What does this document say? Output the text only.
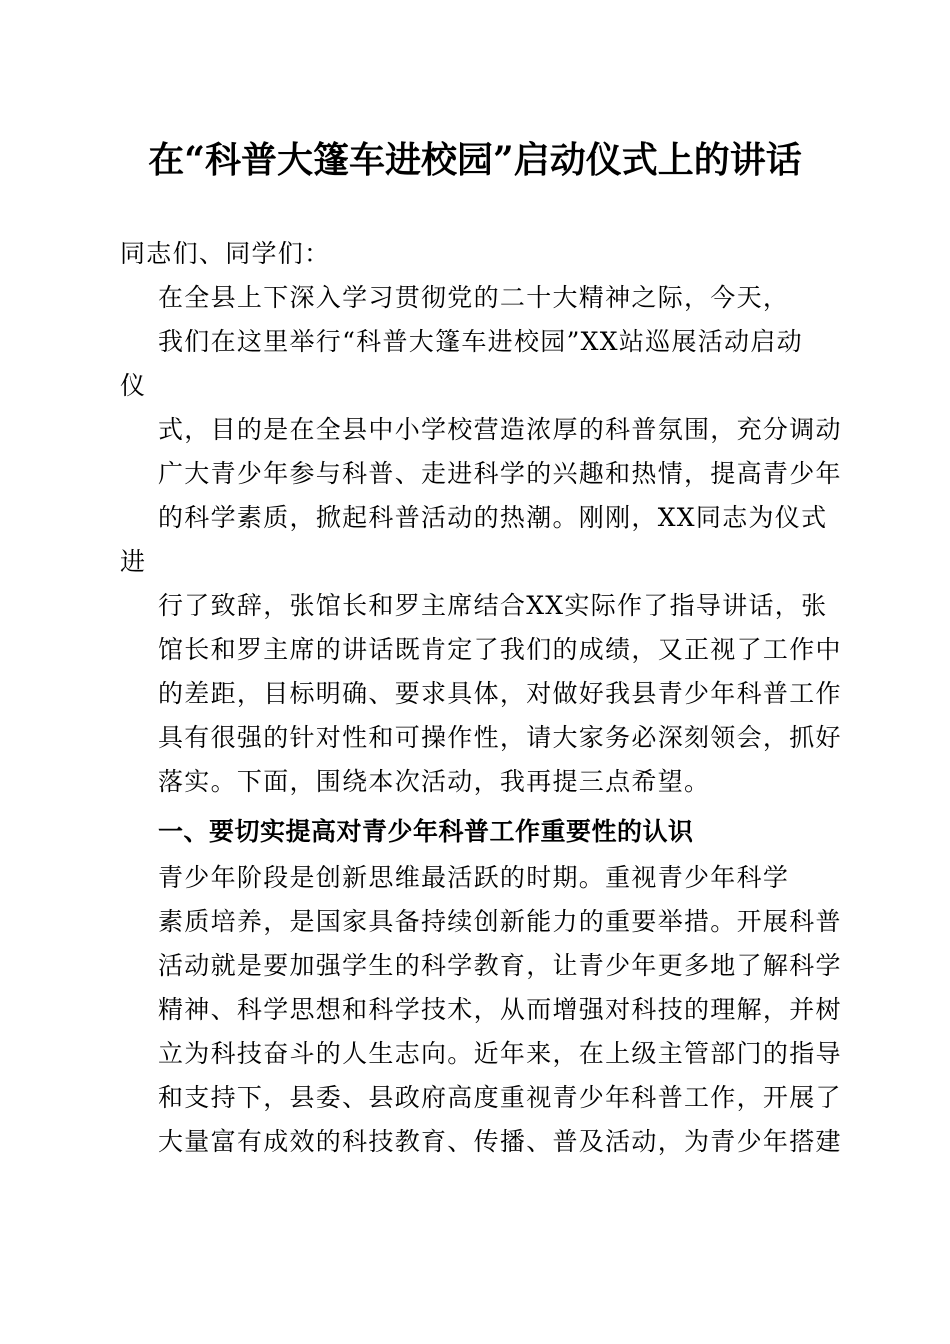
在“科普大篷车进校园”启动仪式上的讲话
同志们、同学们：
在全县上下深入学习贯彻党的二十大精神之际，今天，
我们在这里举行“科普大篷车进校园”XX站巡展活动启动
仪
式，目的是在全县中小学校营造浓厚的科普氛围，充分调动
广大青少年参与科普、走进科学的兴趣和热情，提高青少年
的科学素质，掀起科普活动的热潮。刚刚，XX同志为仪式
进
行了致辞，张馆长和罗主席结合XX实际作了指导讲话，张
馆长和罗主席的讲话既肯定了我们的成绩，又正视了工作中
的差距，目标明确、要求具体，对做好我县青少年科普工作
具有很强的针对性和可操作性，请大家务必深刻领会，抓好
落实。下面，围绕本次活动，我再提三点希望。
一、要切实提高对青少年科普工作重要性的认识
青少年阶段是创新思维最活跃的时期。重视青少年科学
素质培养，是国家具备持续创新能力的重要举措。开展科普
活动就是要加强学生的科学教育，让青少年更多地了解科学
精神、科学思想和科学技术，从而增强对科技的理解，并树
立为科技奋斗的人生志向。近年来，在上级主管部门的指导
和支持下，县委、县政府高度重视青少年科普工作，开展了
大量富有成效的科技教育、传播、普及活动，为青少年搭建
